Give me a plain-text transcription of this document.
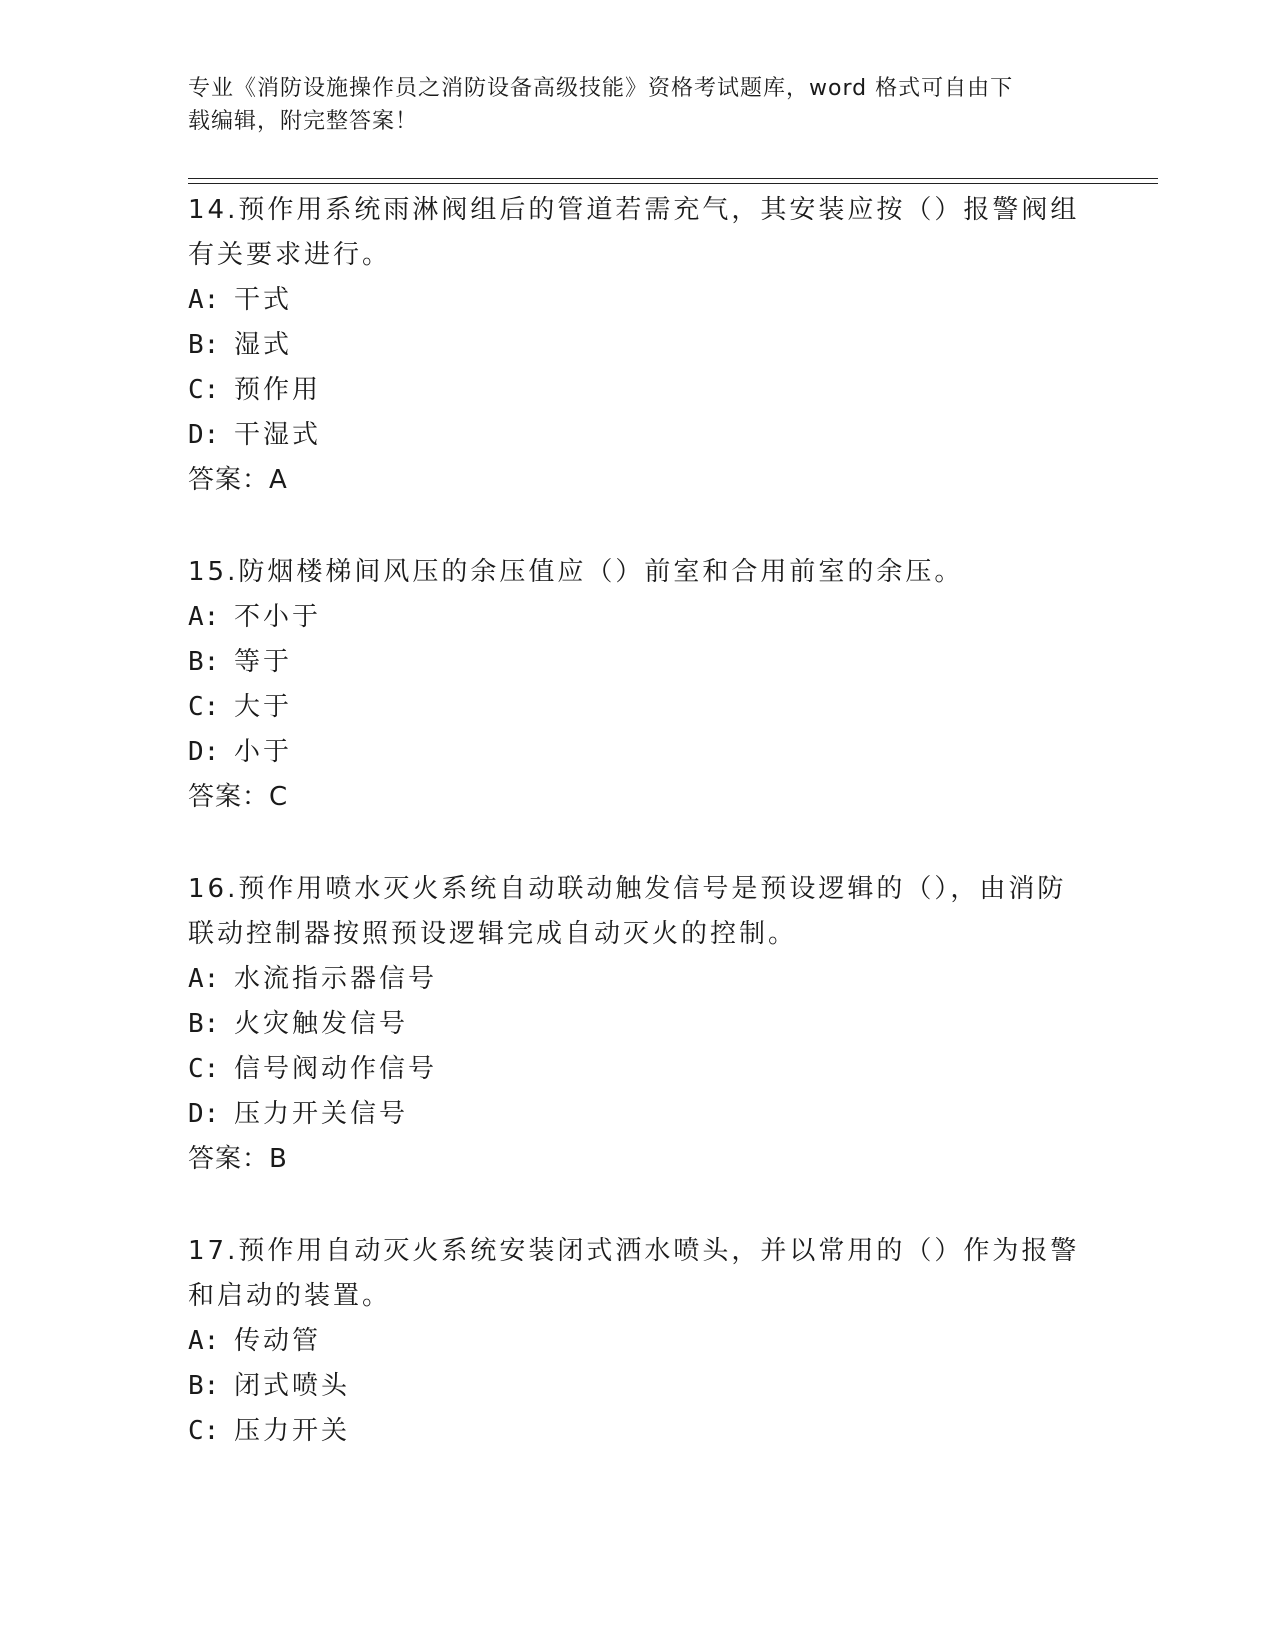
专业《消防设施操作员之消防设备高级技能》资格考试题库，word 格式可自由下
载编辑，附完整答案！
14.预作用系统雨淋阀组后的管道若需充气，其安装应按（）报警阀组
有关要求进行。
A: 干式
B: 湿式
C: 预作用
D: 干湿式
答案：A
15.防烟楼梯间风压的余压值应（）前室和合用前室的余压。
A: 不小于
B: 等于
C: 大于
D: 小于
答案：C
16.预作用喷水灭火系统自动联动触发信号是预设逻辑的（），由消防
联动控制器按照预设逻辑完成自动灭火的控制。
A: 水流指示器信号
B: 火灾触发信号
C: 信号阀动作信号
D: 压力开关信号
答案：B
17.预作用自动灭火系统安装闭式洒水喷头，并以常用的（）作为报警
和启动的装置。
A: 传动管
B: 闭式喷头
C: 压力开关
